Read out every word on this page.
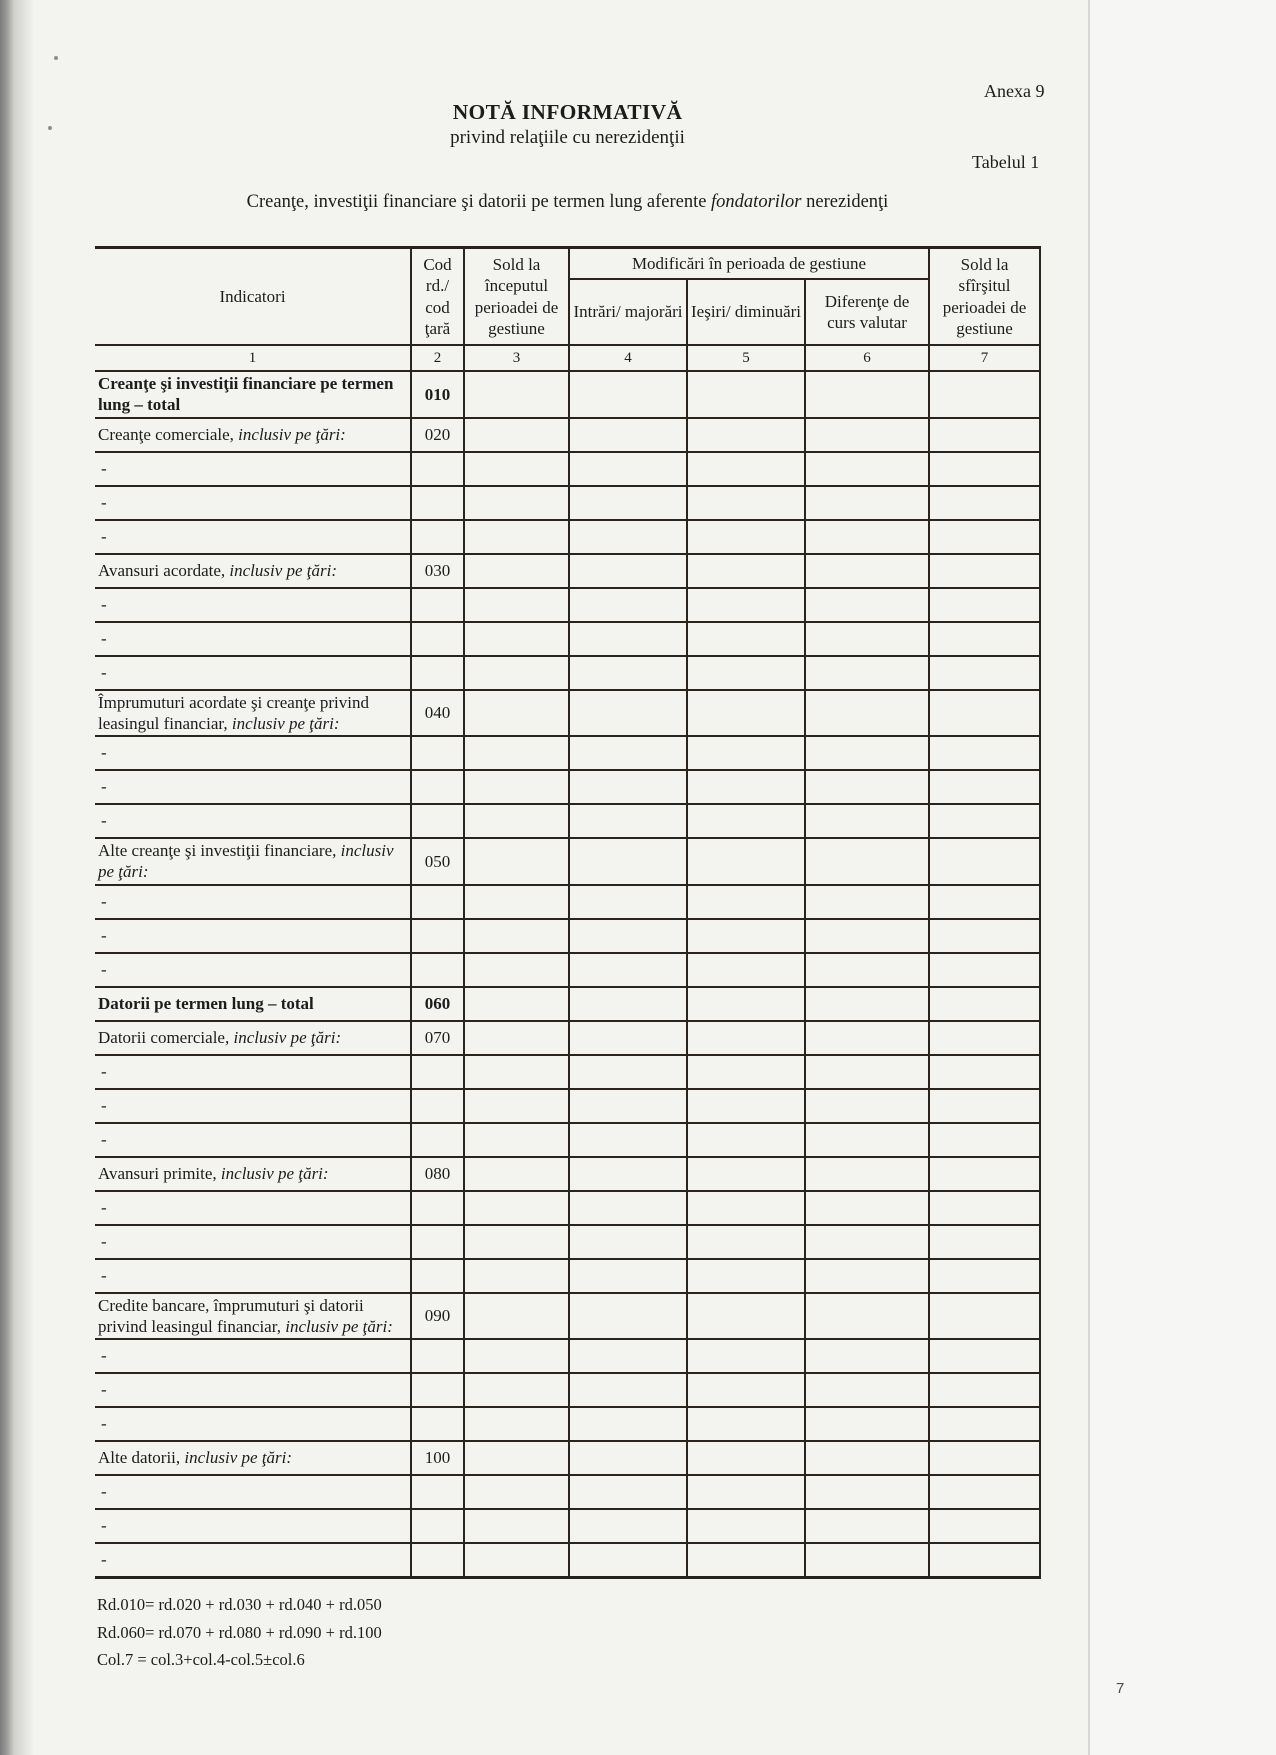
Anexa 9
Tabelul 1
NOTĂ INFORMATIVĂ
privind relaţiile cu nerezidenţii
Creanţe, investiţii financiare şi datorii pe termen lung aferente fondatorilor nerezidenţi
Indicatori	Cod rd./ cod ţară	Sold la începutul perioadei de gestiune	Modificări în perioada de gestiune			Sold la sfîrşitul perioadei de gestiune
			Intrări/ majorări	Ieşiri/ diminuări	Diferenţe de curs valutar	
1	2	3	4	5	6	7
Creanţe şi investiţii financiare pe termen lung – total	010					
Creanţe comerciale, inclusiv pe ţări:	020					
-						
-						
-						
Avansuri acordate, inclusiv pe ţări:	030					
-						
-						
-						
Împrumuturi acordate şi creanţe privind leasingul financiar, inclusiv pe ţări:	040					
-						
-						
-						
Alte creanţe şi investiţii financiare, inclusiv pe ţări:	050					
-						
-						
-						
Datorii pe termen lung – total	060					
Datorii comerciale, inclusiv pe ţări:	070					
-						
-						
-						
Avansuri primite, inclusiv pe ţări:	080					
-						
-						
-						
Credite bancare, împrumuturi şi datorii privind leasingul financiar, inclusiv pe ţări:	090					
-						
-						
-						
Alte datorii, inclusiv pe ţări:	100					
-						
-						
-						
Rd.010= rd.020 + rd.030 + rd.040 + rd.050
Rd.060= rd.070 + rd.080 + rd.090 + rd.100
Col.7 = col.3+col.4-col.5±col.6
7
